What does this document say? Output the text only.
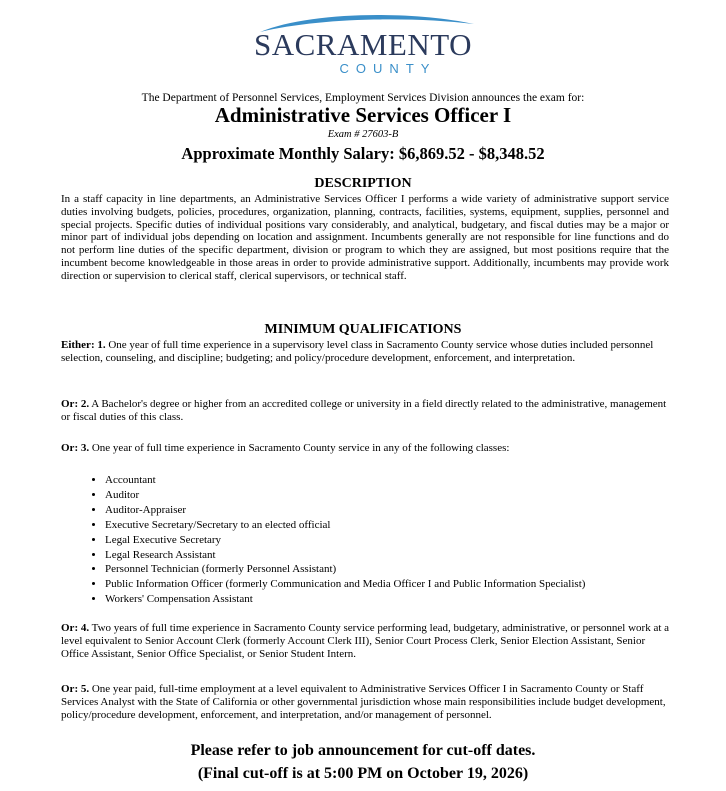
SACRAMENTO
COUNTY
The Department of Personnel Services, Employment Services Division announces the exam for:
Administrative Services Officer I
Exam # 27603-B
Approximate Monthly Salary: $6,869.52 - $8,348.52
DESCRIPTION
In a staff capacity in line departments, an Administrative Services Officer I performs a wide variety of administrative support service duties involving budgets, policies, procedures, organization, planning, contracts, facilities, systems, equipment, supplies, personnel and special projects. Specific duties of individual positions vary considerably, and analytical, budgetary, and fiscal duties may be a major or minor part of individual jobs depending on location and assignment. Incumbents generally are not responsible for line functions and do not perform line duties of the specific department, division or program to which they are assigned, but most positions require that the incumbent become knowledgeable in those areas in order to provide administrative support. Additionally, incumbents may provide work direction or supervision to clerical staff, clerical supervisors, or technical staff.
MINIMUM QUALIFICATIONS
Either: 1. One year of full time experience in a supervisory level class in Sacramento County service whose duties included personnel selection, counseling, and discipline; budgeting; and policy/procedure development, enforcement, and interpretation.
Or: 2. A Bachelor's degree or higher from an accredited college or university in a field directly related to the administrative, management or fiscal duties of this class.
Or: 3. One year of full time experience in Sacramento County service in any of the following classes:
• Accountant
• Auditor
• Auditor-Appraiser
• Executive Secretary/Secretary to an elected official
• Legal Executive Secretary
• Legal Research Assistant
• Personnel Technician (formerly Personnel Assistant)
• Public Information Officer (formerly Communication and Media Officer I and Public Information Specialist)
• Workers' Compensation Assistant
Or: 4. Two years of full time experience in Sacramento County service performing lead, budgetary, administrative, or personnel work at a level equivalent to Senior Account Clerk (formerly Account Clerk III), Senior Court Process Clerk, Senior Election Assistant, Senior Office Assistant, Senior Office Specialist, or Senior Student Intern.
Or: 5. One year paid, full-time employment at a level equivalent to Administrative Services Officer I in Sacramento County or Staff Services Analyst with the State of California or other governmental jurisdiction whose main responsibilities include budget development, policy/procedure development, enforcement, and interpretation, and/or management of personnel.
Please refer to job announcement for cut-off dates.
(Final cut-off is at 5:00 PM on October 19, 2026)
